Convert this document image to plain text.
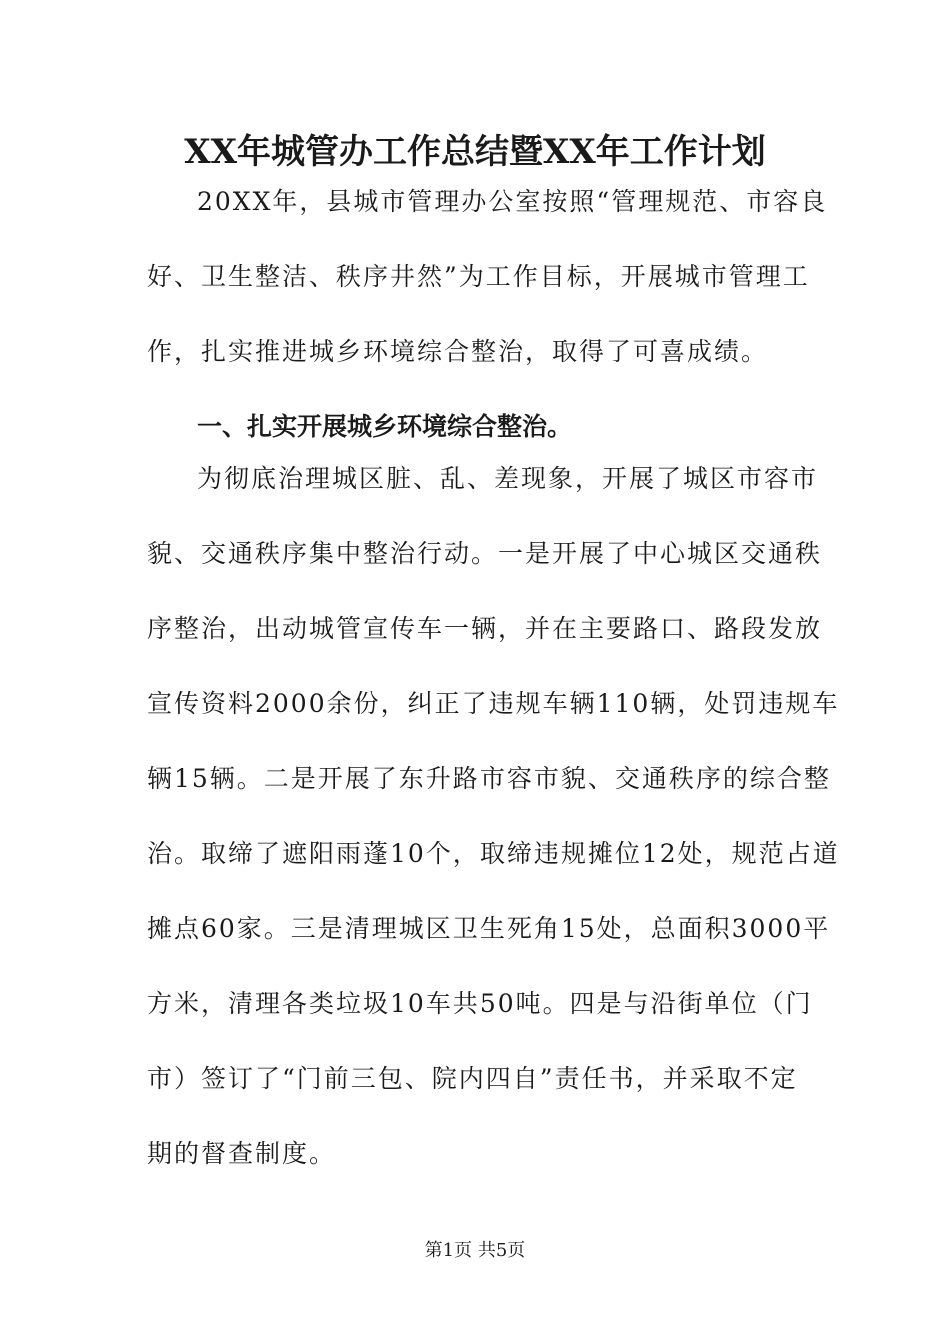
XX年城管办工作总结暨XX年工作计划
20XX年，县城市管理办公室按照“管理规范、市容良
好、卫生整洁、秩序井然”为工作目标，开展城市管理工
作，扎实推进城乡环境综合整治，取得了可喜成绩。
一、扎实开展城乡环境综合整治。
为彻底治理城区脏、乱、差现象，开展了城区市容市
貌、交通秩序集中整治行动。一是开展了中心城区交通秩
序整治，出动城管宣传车一辆，并在主要路口、路段发放
宣传资料2000余份，纠正了违规车辆110辆，处罚违规车
辆15辆。二是开展了东升路市容市貌、交通秩序的综合整
治。取缔了遮阳雨蓬10个，取缔违规摊位12处，规范占道
摊点60家。三是清理城区卫生死角15处，总面积3000平
方米，清理各类垃圾10车共50吨。四是与沿街单位（门
市）签订了“门前三包、院内四自”责任书，并采取不定
期的督查制度。
第1页 共5页
